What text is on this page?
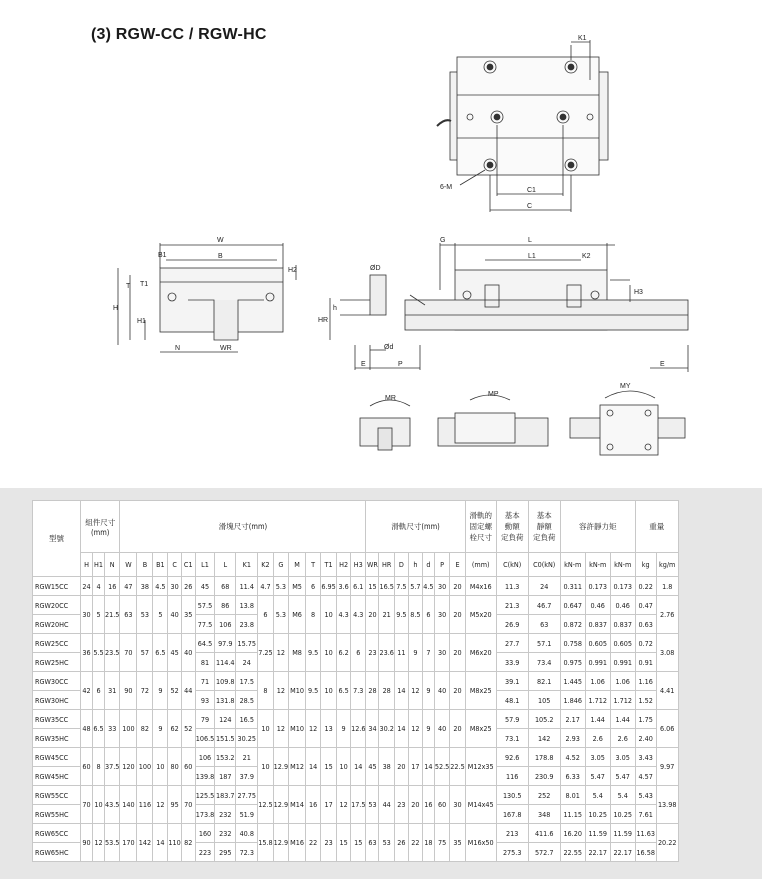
(3) RGW-CC / RGW-HC	K1
6-M	C1
C
W
B1	B
H2
H
T1
T
H1
N	WR
ØD
h
HR
Ød
E	P
G	L
L1	K2
H3
E
MR
MP
MY
型號	組件尺寸
(mm)			滑塊尺寸(mm)															滑軌尺寸(mm)							滑軌的
固定螺
栓尺寸	基本
動額
定負荷	基本
靜額
定負荷	容許靜力矩			重量	
	H	H1	N	W	B	B1	C	C1	L1	L	K1	K2	G	M	T	T1	H2	H3	WR	HR	D	h	d	P	E	(mm)	C(kN)	C0(kN)	kN-m	kN-m	kN-m	kg	kg/m
RGW15CC	24	4	16	47	38	4.5	30	26	45	68	11.4	4.7	5.3	M5	6	6.95	3.6	6.1	15	16.5	7.5	5.7	4.5	30	20	M4x16	11.3	24	0.311	0.173	0.173	0.22	1.8
RGW20CC	30	5	21.5	63	53	5	40	35	57.5	86	13.8	6	5.3	M6	8	10	4.3	4.3	20	21	9.5	8.5	6	30	20	M5x20	21.3	46.7	0.647	0.46	0.46	0.47	2.76
RGW20HC									77.5	106	23.8																26.9	63	0.872	0.837	0.837	0.63	
RGW25CC	36	5.5	23.5	70	57	6.5	45	40	64.5	97.9	15.75	7.25	12	M8	9.5	10	6.2	6	23	23.6	11	9	7	30	20	M6x20	27.7	57.1	0.758	0.605	0.605	0.72	3.08
RGW25HC									81	114.4	24																33.9	73.4	0.975	0.991	0.991	0.91	
RGW30CC	42	6	31	90	72	9	52	44	71	109.8	17.5	8	12	M10	9.5	10	6.5	7.3	28	28	14	12	9	40	20	M8x25	39.1	82.1	1.445	1.06	1.06	1.16	4.41
RGW30HC									93	131.8	28.5																48.1	105	1.846	1.712	1.712	1.52	
RGW35CC	48	6.5	33	100	82	9	62	52	79	124	16.5	10	12	M10	12	13	9	12.6	34	30.2	14	12	9	40	20	M8x25	57.9	105.2	2.17	1.44	1.44	1.75	6.06
RGW35HC									106.5	151.5	30.25																73.1	142	2.93	2.6	2.6	2.40	
RGW45CC	60	8	37.5	120	100	10	80	60	106	153.2	21	10	12.9	M12	14	15	10	14	45	38	20	17	14	52.5	22.5	M12x35	92.6	178.8	4.52	3.05	3.05	3.43	9.97
RGW45HC									139.8	187	37.9																116	230.9	6.33	5.47	5.47	4.57	
RGW55CC	70	10	43.5	140	116	12	95	70	125.5	183.7	27.75	12.5	12.9	M14	16	17	12	17.5	53	44	23	20	16	60	30	M14x45	130.5	252	8.01	5.4	5.4	5.43	13.98
RGW55HC									173.8	232	51.9																167.8	348	11.15	10.25	10.25	7.61	
RGW65CC	90	12	53.5	170	142	14	110	82	160	232	40.8	15.8	12.9	M16	22	23	15	15	63	53	26	22	18	75	35	M16x50	213	411.6	16.20	11.59	11.59	11.63	20.22
RGW65HC									223	295	72.3																275.3	572.7	22.55	22.17	22.17	16.58	
